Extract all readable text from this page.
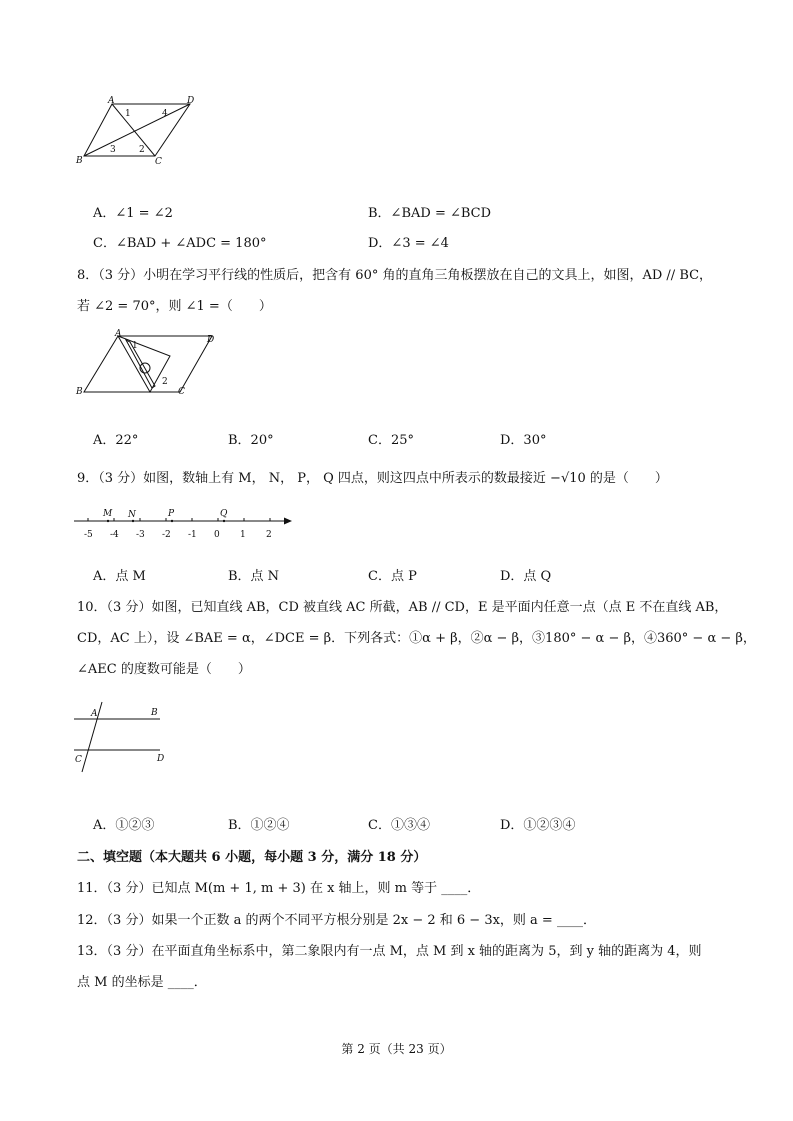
A	D
B	C
1	4
3	2
A．∠1 = ∠2	B．∠BAD = ∠BCD
C．∠BAD + ∠ADC = 180°	D．∠3 = ∠4
8．（3 分）小明在学习平行线的性质后，把含有 60° 角的直角三角板摆放在自己的文具上，如图，AD // BC，
若 ∠2 = 70°，则 ∠1 =（　　）
A
D
B	C
1
2
A．22°	B．20°	C．25°	D．30°
9．（3 分）如图，数轴上有 M， N， P， Q 四点，则这四点中所表示的数最接近 −√10 的是（　　）
-5 -4 -3 -2 -1 0 1 2
M N	P	Q
A．点 M	B．点 N	C．点 P	D．点 Q
10．（3 分）如图，已知直线 AB，CD 被直线 AC 所截，AB // CD，E 是平面内任意一点（点 E 不在直线 AB，
CD，AC 上），设 ∠BAE = α，∠DCE = β．下列各式：①α + β，②α − β，③180° − α − β，④360° − α − β，
∠AEC 的度数可能是（　　）
A	B
C	D
A．①②③	B．①②④	C．①③④	D．①②③④
二、填空题（本大题共 6 小题，每小题 3 分，满分 18 分）
11．（3 分）已知点 M(m + 1, m + 3) 在 x 轴上，则 m 等于 ____．
12．（3 分）如果一个正数 a 的两个不同平方根分别是 2x − 2 和 6 − 3x，则 a = ____．
13．（3 分）在平面直角坐标系中，第二象限内有一点 M，点 M 到 x 轴的距离为 5，到 y 轴的距离为 4，则
点 M 的坐标是 ____．
第 2 页（共 23 页）
